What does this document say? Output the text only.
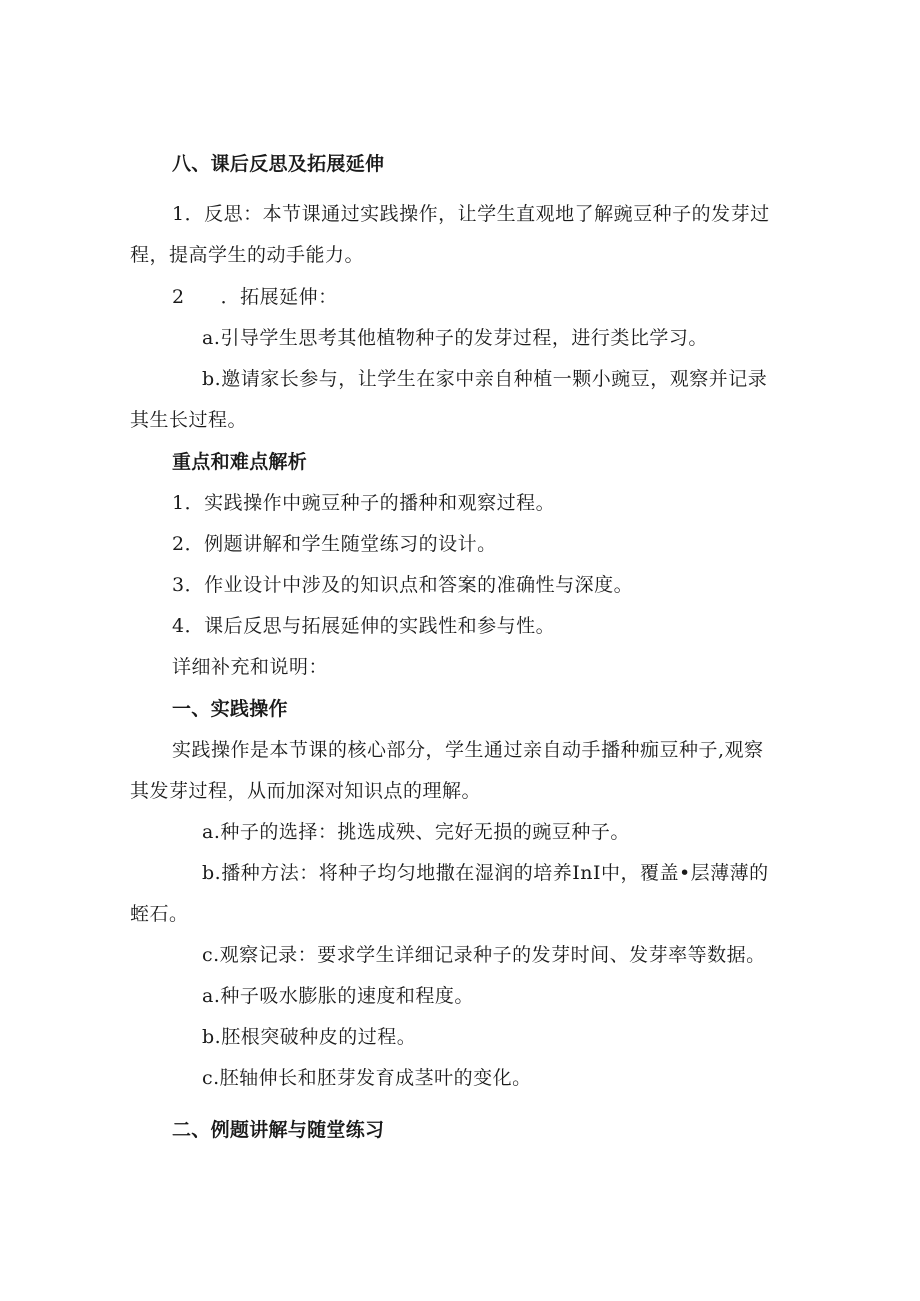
八、课后反思及拓展延伸
1．反思：本节课通过实践操作，让学生直观地了解豌豆种子的发芽过
程，提高学生的动手能力。
2 ．拓展延伸：
a.引导学生思考其他植物种子的发芽过程，进行类比学习。
b.邀请家长参与，让学生在家中亲自种植一颗小豌豆，观察并记录
其生长过程。
重点和难点解析
1．实践操作中豌豆种子的播种和观察过程。
2．例题讲解和学生随堂练习的设计。
3．作业设计中涉及的知识点和答案的准确性与深度。
4．课后反思与拓展延伸的实践性和参与性。
详细补充和说明：
一、实践操作
实践操作是本节课的核心部分，学生通过亲自动手播种痂豆种子,观察
其发芽过程，从而加深对知识点的理解。
a.种子的选择：挑选成殃、完好无损的豌豆种子。
b.播种方法：将种子均匀地撒在湿润的培养InI中，覆盖•层薄薄的
蛭石。
c.观察记录：要求学生详细记录种子的发芽时间、发芽率等数据。
a.种子吸水膨胀的速度和程度。
b.胚根突破种皮的过程。
c.胚轴伸长和胚芽发育成茎叶的变化。
二、例题讲解与随堂练习
